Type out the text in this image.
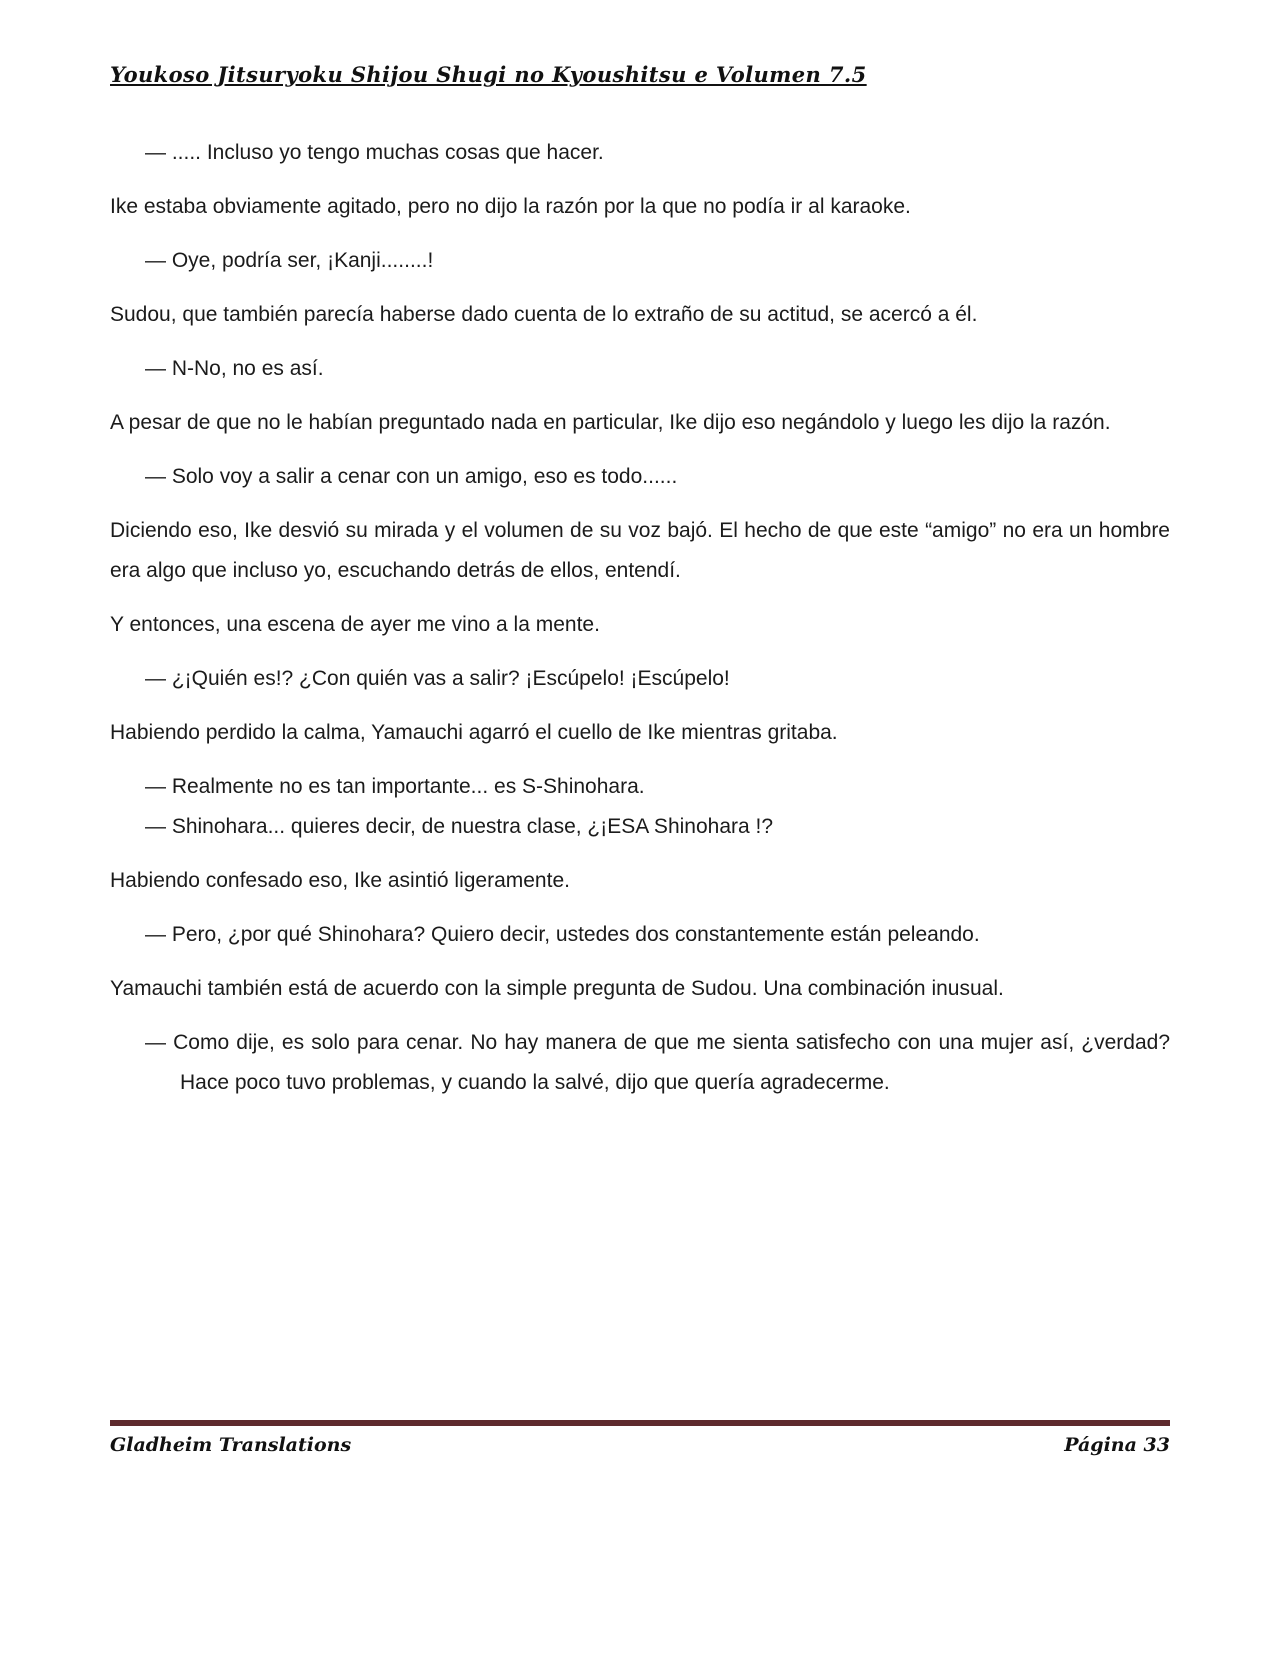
Youkoso Jitsuryoku Shijou Shugi no Kyoushitsu e Volumen 7.5

— ..... Incluso yo tengo muchas cosas que hacer.

Ike estaba obviamente agitado, pero no dijo la razón por la que no podía ir al karaoke.

— Oye, podría ser, ¡Kanji........!

Sudou, que también parecía haberse dado cuenta de lo extraño de su actitud, se acercó a él.

— N-No, no es así.

A pesar de que no le habían preguntado nada en particular, Ike dijo eso negándolo y luego les dijo la razón.

— Solo voy a salir a cenar con un amigo, eso es todo......

Diciendo eso, Ike desvió su mirada y el volumen de su voz bajó. El hecho de que este “amigo” no era un hombre era algo que incluso yo, escuchando detrás de ellos, entendí.

Y entonces, una escena de ayer me vino a la mente.

— ¿¡Quién es!? ¿Con quién vas a salir? ¡Escúpelo! ¡Escúpelo!

Habiendo perdido la calma, Yamauchi agarró el cuello de Ike mientras gritaba.

— Realmente no es tan importante... es S-Shinohara.

— Shinohara... quieres decir, de nuestra clase, ¿¡ESA Shinohara !?

Habiendo confesado eso, Ike asintió ligeramente.

— Pero, ¿por qué Shinohara? Quiero decir, ustedes dos constantemente están peleando.

Yamauchi también está de acuerdo con la simple pregunta de Sudou. Una combinación inusual.

— Como dije, es solo para cenar. No hay manera de que me sienta satisfecho con una mujer así, ¿verdad? Hace poco tuvo problemas, y cuando la salvé, dijo que quería agradecerme.

Gladheim Translations	Página 33
